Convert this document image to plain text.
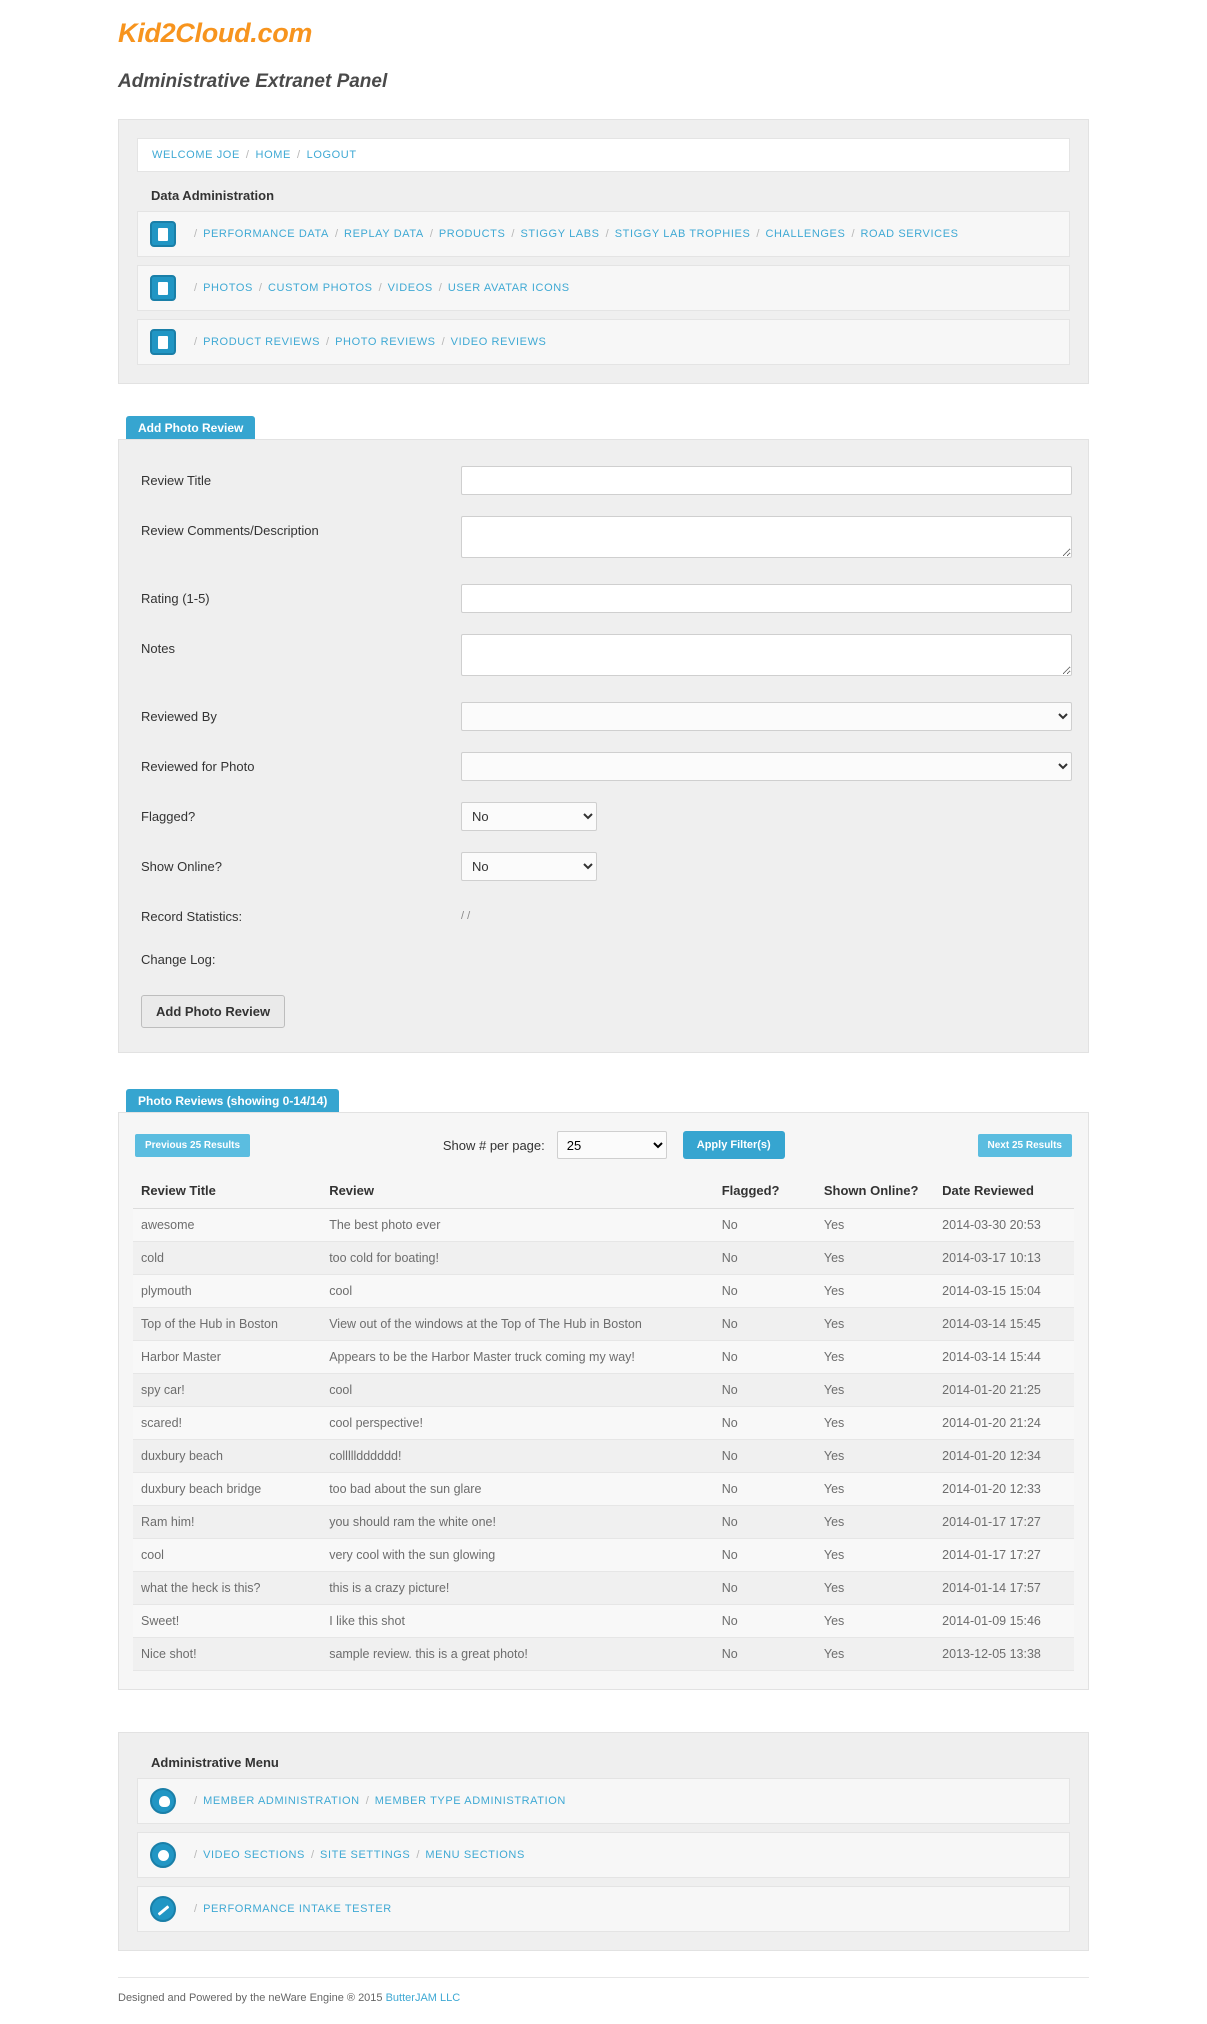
Kid2Cloud.com
Administrative Extranet Panel
WELCOME JOE / HOME / LOGOUT
Data Administration
/ PERFORMANCE DATA / REPLAY DATA / PRODUCTS / STIGGY LABS / STIGGY LAB TROPHIES / CHALLENGES / ROAD SERVICES
/ PHOTOS / CUSTOM PHOTOS / VIDEOS / USER AVATAR ICONS
/ PRODUCT REVIEWS / PHOTO REVIEWS / VIDEO REVIEWS
Add Photo Review
Review Title
Review Comments/Description
Rating (1-5)
Notes
Reviewed By
Reviewed for Photo
Flagged?
No
Show Online?
No
Record Statistics:	/ /
Change Log:
Add Photo Review
Photo Reviews (showing 0-14/14)
Previous 25 Results	Show # per page:
25	Apply Filter(s)	Next 25 Results
Review Title	Review	Flagged?	Shown Online?	Date Reviewed
awesome	The best photo ever	No	Yes	2014-03-30 20:53
cold	too cold for boating!	No	Yes	2014-03-17 10:13
plymouth	cool	No	Yes	2014-03-15 15:04
Top of the Hub in Boston	View out of the windows at the Top of The Hub in Boston	No	Yes	2014-03-14 15:45
Harbor Master	Appears to be the Harbor Master truck coming my way!	No	Yes	2014-03-14 15:44
spy car!	cool	No	Yes	2014-01-20 21:25
scared!	cool perspective!	No	Yes	2014-01-20 21:24
duxbury beach	collllldddddd!	No	Yes	2014-01-20 12:34
duxbury beach bridge	too bad about the sun glare	No	Yes	2014-01-20 12:33
Ram him!	you should ram the white one!	No	Yes	2014-01-17 17:27
cool	very cool with the sun glowing	No	Yes	2014-01-17 17:27
what the heck is this?	this is a crazy picture!	No	Yes	2014-01-14 17:57
Sweet!	I like this shot	No	Yes	2014-01-09 15:46
Nice shot!	sample review. this is a great photo!	No	Yes	2013-12-05 13:38
Administrative Menu
/ MEMBER ADMINISTRATION / MEMBER TYPE ADMINISTRATION
/ VIDEO SECTIONS / SITE SETTINGS / MENU SECTIONS
/ PERFORMANCE INTAKE TESTER
Designed and Powered by the neWare Engine ® 2015 ButterJAM LLC
